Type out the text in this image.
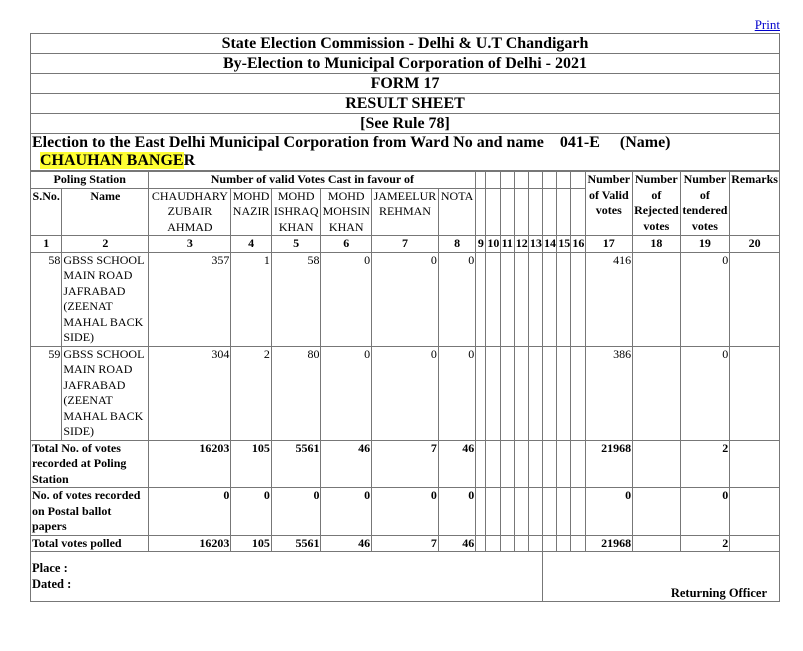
Print
State Election Commission - Delhi & U.T Chandigarh
By-Election to Municipal Corporation of Delhi - 2021
FORM 17
RESULT SHEET
[See Rule 78]
Election to the East Delhi Municipal Corporation from Ward No and name 041-E (Name)
CHAUHAN BANGER
Poling Station		Number of valid Votes Cast in favour of														Number of Valid votes	Number of Rejected votes	Number of tendered votes	Remarks
S.No.	Name	CHAUDHARY ZUBAIR AHMAD	MOHD NAZIR	MOHD ISHRAQ KHAN	MOHD MOHSIN KHAN	JAMEELUR REHMAN	NOTA												
1	2	3	4	5	6	7	8	9	10	11	12	13	14	15	16	17	18	19	20
58	GBSS SCHOOL MAIN ROAD JAFRABAD (ZEENAT MAHAL BACK SIDE)	357	1	58	0	0	0									416		0	
59	GBSS SCHOOL MAIN ROAD JAFRABAD (ZEENAT MAHAL BACK SIDE)	304	2	80	0	0	0									386		0	
Total No. of votes recorded at Poling Station		16203	105	5561	46	7	46									21968		2	
No. of votes recorded on Postal ballot papers		0	0	0	0	0	0									0		0	
Total votes polled		16203	105	5561	46	7	46									21968		2	

Place :
Dated :													Returning Officer						
